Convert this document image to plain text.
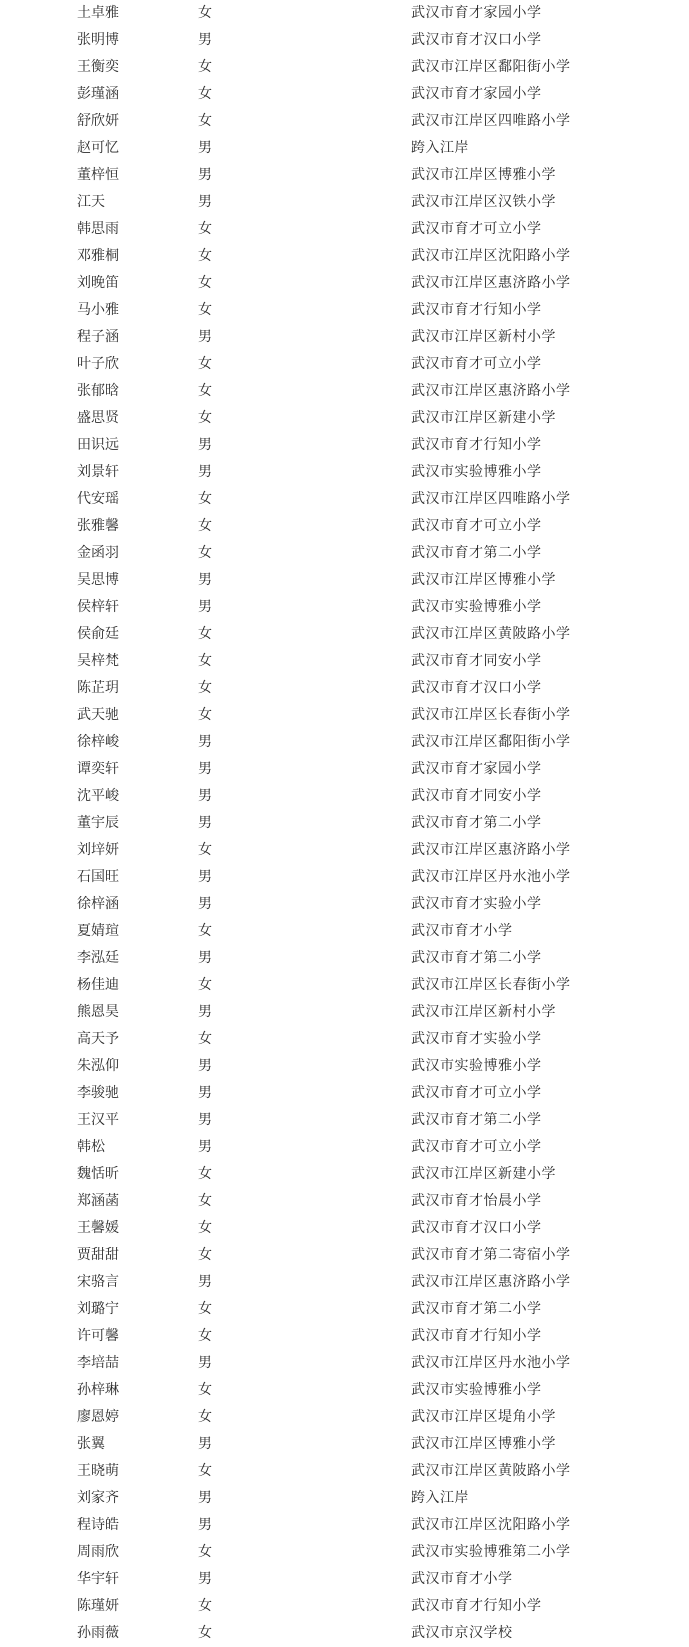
土卓雅	女	武汉市育才家园小学
张明博	男	武汉市育才汉口小学
王衡奕	女	武汉市江岸区鄱阳街小学
彭瑾涵	女	武汉市育才家园小学
舒欣妍	女	武汉市江岸区四唯路小学
赵可忆	男	跨入江岸
董梓恒	男	武汉市江岸区博雅小学
江天	男	武汉市江岸区汉铁小学
韩思雨	女	武汉市育才可立小学
邓雅桐	女	武汉市江岸区沈阳路小学
刘晚笛	女	武汉市江岸区惠济路小学
马小雅	女	武汉市育才行知小学
程子涵	男	武汉市江岸区新村小学
叶子欣	女	武汉市育才可立小学
张郁晗	女	武汉市江岸区惠济路小学
盛思贤	女	武汉市江岸区新建小学
田识远	男	武汉市育才行知小学
刘景轩	男	武汉市实验博雅小学
代安瑶	女	武汉市江岸区四唯路小学
张雅馨	女	武汉市育才可立小学
金函羽	女	武汉市育才第二小学
吴思博	男	武汉市江岸区博雅小学
侯梓轩	男	武汉市实验博雅小学
侯俞廷	女	武汉市江岸区黄陂路小学
吴梓梵	女	武汉市育才同安小学
陈芷玥	女	武汉市育才汉口小学
武天驰	女	武汉市江岸区长春街小学
徐梓峻	男	武汉市江岸区鄱阳街小学
谭奕轩	男	武汉市育才家园小学
沈平峻	男	武汉市育才同安小学
董宇辰	男	武汉市育才第二小学
刘垶妍	女	武汉市江岸区惠济路小学
石国旺	男	武汉市江岸区丹水池小学
徐梓涵	男	武汉市育才实验小学
夏婧瑄	女	武汉市育才小学
李泓廷	男	武汉市育才第二小学
杨佳迪	女	武汉市江岸区长春街小学
熊恩昊	男	武汉市江岸区新村小学
高天予	女	武汉市育才实验小学
朱泓仰	男	武汉市实验博雅小学
李骏驰	男	武汉市育才可立小学
王汉平	男	武汉市育才第二小学
韩松	男	武汉市育才可立小学
魏恬昕	女	武汉市江岸区新建小学
郑涵菡	女	武汉市育才怡晨小学
王馨媛	女	武汉市育才汉口小学
贾甜甜	女	武汉市育才第二寄宿小学
宋骆言	男	武汉市江岸区惠济路小学
刘璐宁	女	武汉市育才第二小学
许可馨	女	武汉市育才行知小学
李培喆	男	武汉市江岸区丹水池小学
孙梓琳	女	武汉市实验博雅小学
廖恩婷	女	武汉市江岸区堤角小学
张翼	男	武汉市江岸区博雅小学
王晓萌	女	武汉市江岸区黄陂路小学
刘家齐	男	跨入江岸
程诗皓	男	武汉市江岸区沈阳路小学
周雨欣	女	武汉市实验博雅第二小学
华宇轩	男	武汉市育才小学
陈瑾妍	女	武汉市育才行知小学
孙雨薇	女	武汉市京汉学校
